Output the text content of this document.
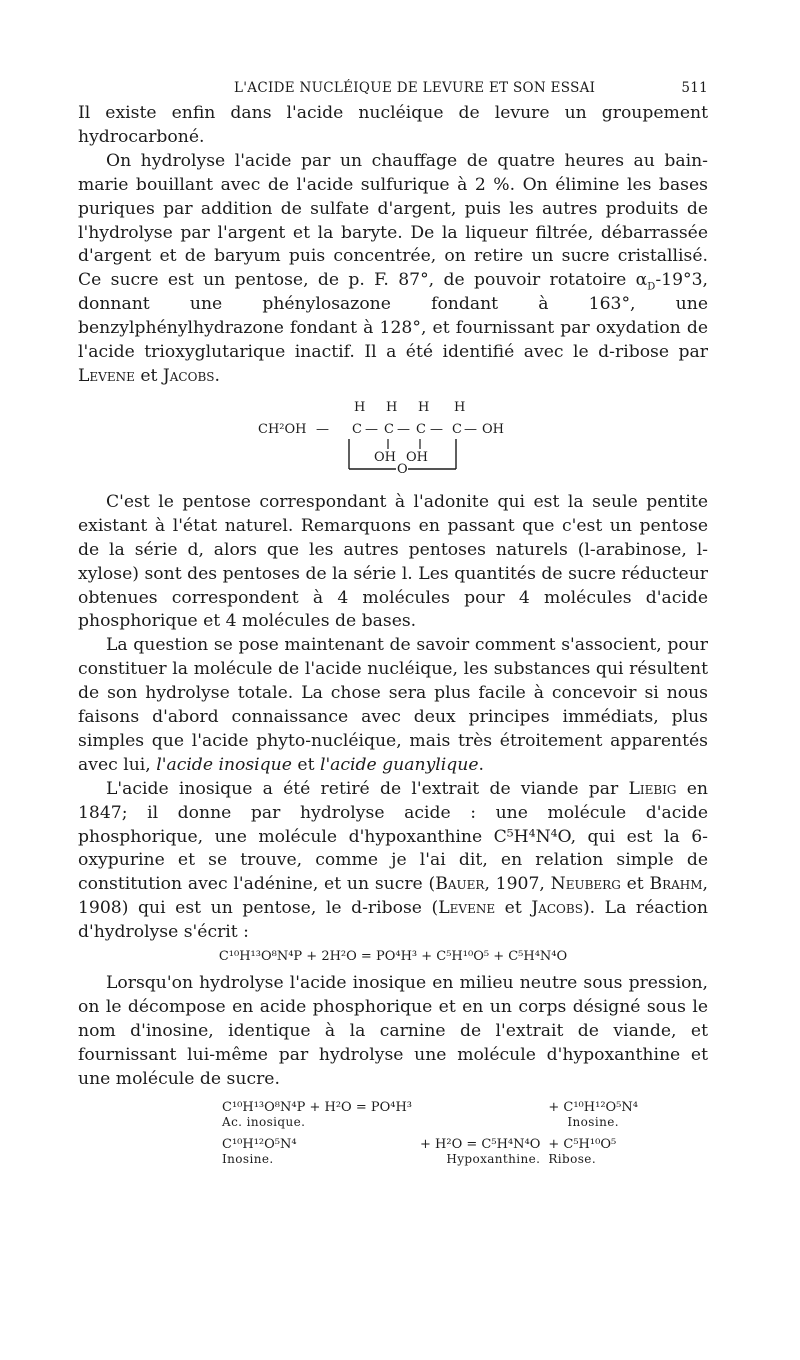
L'ACIDE NUCLÉIQUE DE LEVURE ET SON ESSAI	511

Il existe enfin dans l'acide nucléique de levure un groupement hydrocarboné.

On hydrolyse l'acide par un chauffage de quatre heures au bain-marie bouillant avec de l'acide sulfurique à 2 %. On élimine les bases puriques par addition de sulfate d'argent, puis les autres produits de l'hydrolyse par l'argent et la baryte. De la liqueur filtrée, débarrassée d'argent et de baryum puis concentrée, on retire un sucre cristallisé. Ce sucre est un pentose, de p. F. 87°, de pouvoir rotatoire $\alpha_D-19^\circ 3$, donnant une phénylosazone fondant à 163°, une benzylphénylhydrazone fondant à 128°, et fournissant par oxydation de l'acide trioxyglutarique inactif. Il a été identifié avec le d-ribose par Levene et Jacobs.

H H H H
CH²OH — C — C — C — C — OH
OH OH
O

C'est le pentose correspondant à l'adonite qui est la seule pentite existant à l'état naturel. Remarquons en passant que c'est un pentose de la série d, alors que les autres pentoses naturels (l-arabinose, l-xylose) sont des pentoses de la série l. Les quantités de sucre réducteur obtenues correspondent à 4 molécules pour 4 molécules d'acide phosphorique et 4 molécules de bases.

La question se pose maintenant de savoir comment s'associent, pour constituer la molécule de l'acide nucléique, les substances qui résultent de son hydrolyse totale. La chose sera plus facile à concevoir si nous faisons d'abord connaissance avec deux principes immédiats, plus simples que l'acide phyto-nucléique, mais très étroitement apparentés avec lui, l'acide inosique et l'acide guanylique.

L'acide inosique a été retiré de l'extrait de viande par Liebig en 1847; il donne par hydrolyse acide : une molécule d'acide phosphorique, une molécule d'hypoxanthine C⁵H⁴N⁴O, qui est la 6-oxypurine et se trouve, comme je l'ai dit, en relation simple de constitution avec l'adénine, et un sucre (Bauer, 1907, Neuberg et Brahm, 1908) qui est un pentose, le d-ribose (Levene et Jacobs). La réaction d'hydrolyse s'écrit :

C¹⁰H¹³O⁸N⁴P + 2H²O = PO⁴H³ + C⁵H¹⁰O⁵ + C⁵H⁴N⁴O

Lorsqu'on hydrolyse l'acide inosique en milieu neutre sous pression, on le décompose en acide phosphorique et en un corps désigné sous le nom d'inosine, identique à la carnine de l'extrait de viande, et fournissant lui-même par hydrolyse une molécule d'hypoxanthine et une molécule de sucre.

C¹⁰H¹³O⁸N⁴P + H²O = PO⁴H³		+ C¹⁰H¹²O⁵N⁴
Ac. inosique.		Inosine.

C¹⁰H¹²O⁵N⁴	+ H²O = C⁵H⁴N⁴O	+ C⁵H¹⁰O⁵
Inosine.	Hypoxanthine.	Ribose.
